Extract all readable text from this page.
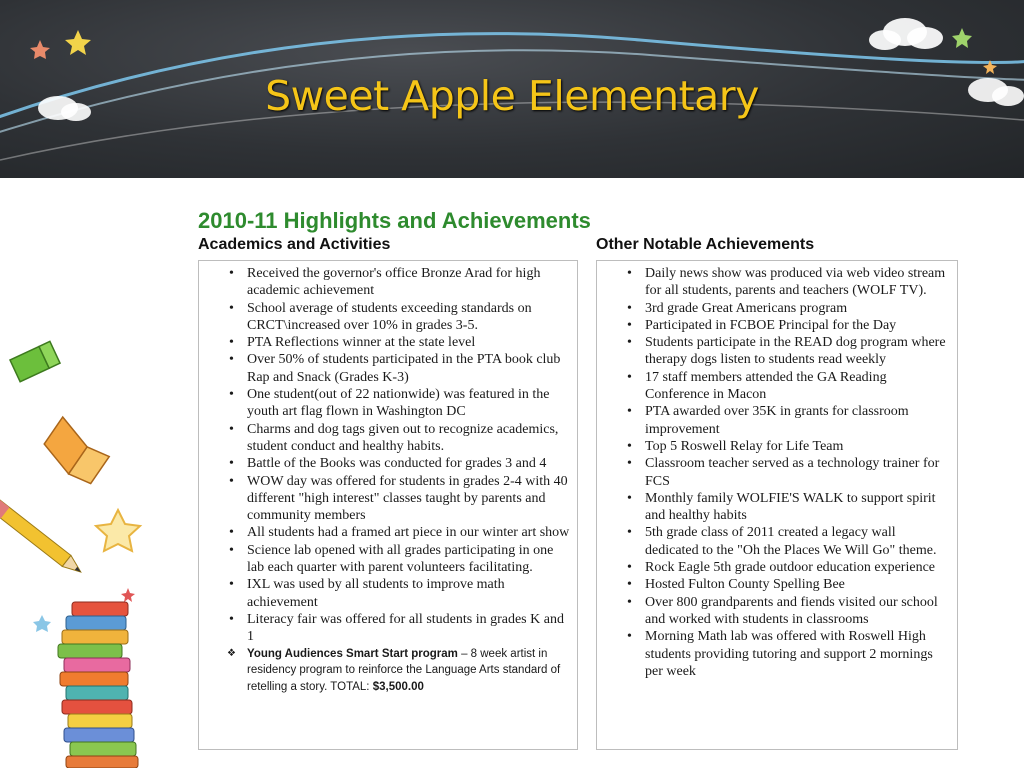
Sweet Apple Elementary
2010-11 Highlights and Achievements
Academics and Activities	Other Notable Achievements
• Received the governor's office Bronze Arad for high academic achievement
• School average of students exceeding standards on CRCT\increased over 10% in grades 3-5.
• PTA Reflections winner at the state level
• Over 50% of students participated in the PTA book club Rap and Snack (Grades K-3)
• One student(out of 22 nationwide) was featured in the youth art flag flown in Washington DC
• Charms and dog tags given out to recognize academics, student conduct and healthy habits.
• Battle of the Books was conducted for grades 3 and 4
• WOW day was offered for students in grades 2-4 with 40 different "high interest" classes taught by parents and community members
• All students had a framed art piece in our winter art show
• Science lab opened with all grades participating in one lab each quarter with parent volunteers facilitating.
• IXL was used by all students to improve math achievement
• Literacy fair was offered for all students in grades K and 1
❖ Young Audiences Smart Start program – 8 week artist in residency program to reinforce the Language Arts standard of retelling a story. TOTAL: $3,500.00
• Daily news show was produced via web video stream for all students, parents and teachers (WOLF TV).
• 3rd grade Great Americans program
• Participated in FCBOE Principal for the Day
• Students participate in the READ dog program where therapy dogs listen to students read weekly
• 17 staff members attended the GA Reading Conference in Macon
• PTA awarded over 35K in grants for classroom improvement
• Top 5 Roswell Relay for Life Team
• Classroom teacher served as a technology trainer for FCS
• Monthly family WOLFIE'S WALK to support spirit and healthy habits
• 5th grade class of 2011 created a legacy wall dedicated to the "Oh the Places We Will Go" theme.
• Rock Eagle 5th grade outdoor education experience
• Hosted Fulton County Spelling Bee
• Over 800 grandparents and fiends visited our school and worked with students in classrooms
• Morning Math lab was offered with Roswell High students providing tutoring and support 2 mornings per week
